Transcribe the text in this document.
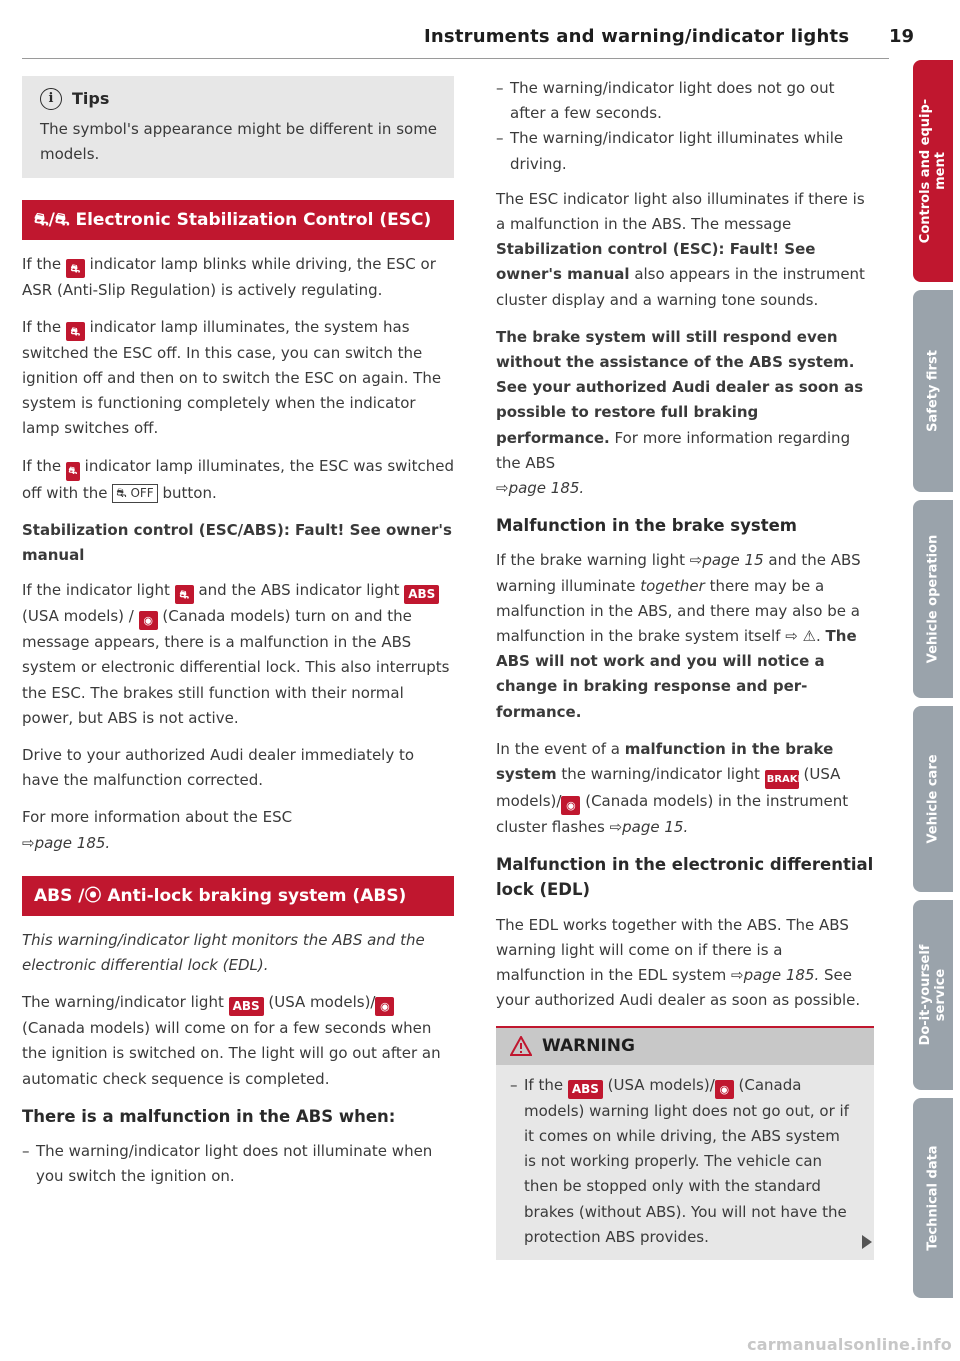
Instruments and warning/indicator lights 19
i	Tips

The symbol's appearance might be different in some models.

⛐/⛐ Electronic Stabilization Control (ESC)

If the ⛐ indicator lamp blinks while driving, the ESC or ASR (Anti-Slip Regulation) is actively regulating.

If the ⛐ indicator lamp illuminates, the system has switched the ESC off. In this case, you can switch the ignition off and then on to switch the ESC on again. The system is functioning completely when the indicator lamp switches off.

If the ⛐ indicator lamp illuminates, the ESC was switched off with the ⛐ OFF button.

Stabilization control (ESC/ABS): Fault! See owner's manual

If the indicator light ⛐ and the ABS indicator light ABS (USA models) / ◉ (Canada models) turn on and the message appears, there is a malfunction in the ABS system or electronic differential lock. This also interrupts the ESC. The brakes still function with their normal power, but ABS is not active.

Drive to your authorized Audi dealer immediately to have the malfunction corrected.

For more information about the ESC
⇨page 185.

ABS /⦿ Anti-lock braking system (ABS)

This warning/indicator light monitors the ABS and the electronic differential lock (EDL).

The warning/indicator light ABS (USA models)/ ◉ (Canada models) will come on for a few seconds when the ignition is switched on. The light will go out after an automatic check sequence is completed.

There is a malfunction in the ABS when:

– The warning/indicator light does not illuminate when you switch the ignition on.
– The warning/indicator light does not go out after a few seconds.
– The warning/indicator light illuminates while driving.

The ESC indicator light also illuminates if there is a malfunction in the ABS. The message Stabilization control (ESC): Fault! See owner's manual also appears in the instrument cluster display and a warning tone sounds.

The brake system will still respond even without the assistance of the ABS system. See your authorized Audi dealer as soon as possible to restore full braking performance. For more information regarding the ABS
⇨page 185.

Malfunction in the brake system

If the brake warning light ⇨page 15 and the ABS warning illuminate together there may be a malfunction in the ABS, and there may also be a malfunction in the brake system itself ⇨ ⚠. The ABS will not work and you will notice a change in braking response and performance.

In the event of a malfunction in the brake system the warning/indicator light BRAKE (USA models)/ ◉ (Canada models) in the instrument cluster flashes ⇨page 15.

Malfunction in the electronic differential lock (EDL)

The EDL works together with the ABS. The ABS warning light will come on if there is a malfunction in the EDL system ⇨page 185. See your authorized Audi dealer as soon as possible.

WARNING
– If the ABS (USA models)/ ◉ (Canada models) warning light does not go out, or if it comes on while driving, the ABS system is not working properly. The vehicle can then be stopped only with the standard brakes (without ABS). You will not have the protection ABS provides.
Controls and equip-
ment
Safety first
Vehicle operation
Vehicle care
Do-it-yourself
service
Technical data
carmanualsonline.info
